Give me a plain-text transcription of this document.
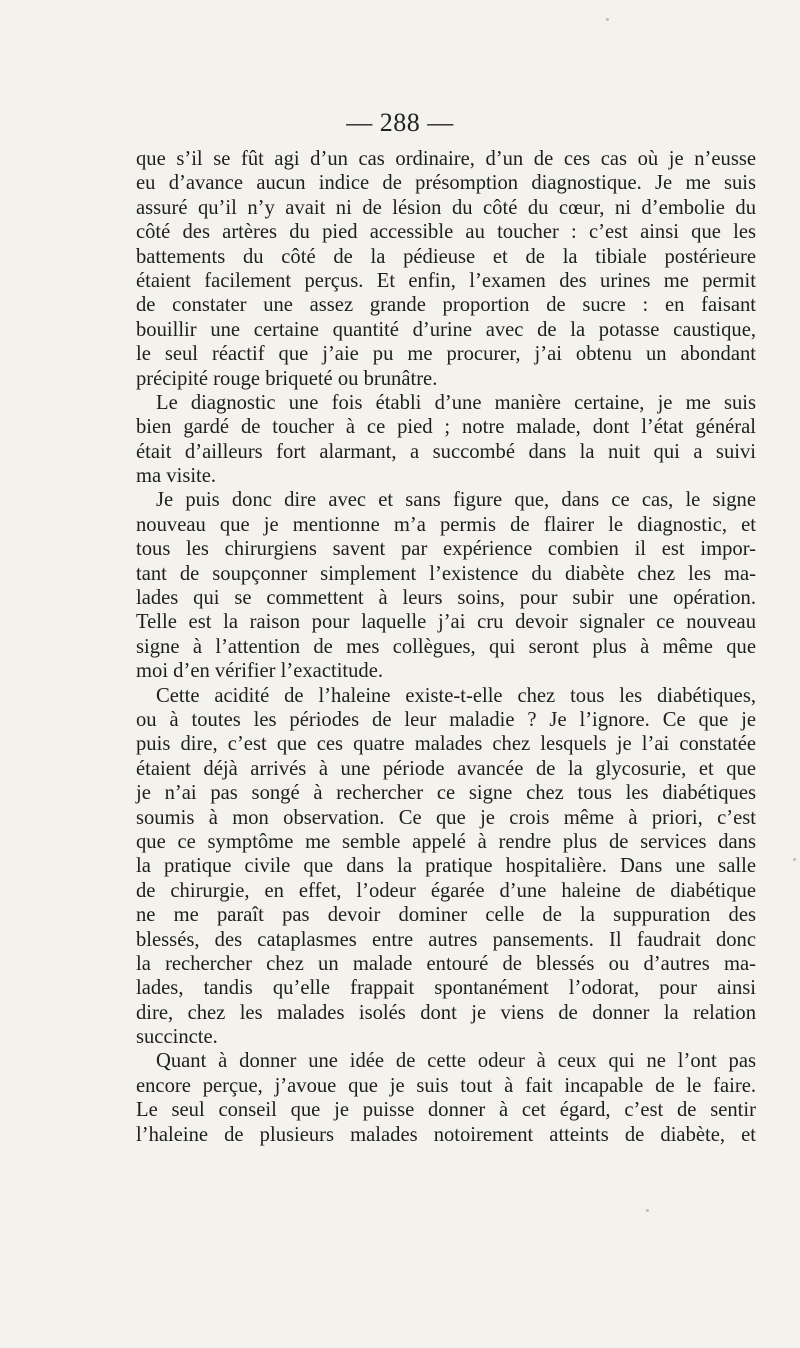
— 288 —
que s’il se fût agi d’un cas ordinaire, d’un de ces cas où je n’eusse
eu d’avance aucun indice de présomption diagnostique. Je me suis
assuré qu’il n’y avait ni de lésion du côté du cœur, ni d’embolie du
côté des artères du pied accessible au toucher : c’est ainsi que les
battements du côté de la pédieuse et de la tibiale postérieure
étaient facilement perçus. Et enfin, l’examen des urines me permit
de constater une assez grande proportion de sucre : en faisant
bouillir une certaine quantité d’urine avec de la potasse caustique,
le seul réactif que j’aie pu me procurer, j’ai obtenu un abondant
précipité rouge briqueté ou brunâtre.
Le diagnostic une fois établi d’une manière certaine, je me suis
bien gardé de toucher à ce pied ; notre malade, dont l’état général
était d’ailleurs fort alarmant, a succombé dans la nuit qui a suivi
ma visite.
Je puis donc dire avec et sans figure que, dans ce cas, le signe
nouveau que je mentionne m’a permis de flairer le diagnostic, et
tous les chirurgiens savent par expérience combien il est impor-
tant de soupçonner simplement l’existence du diabète chez les ma-
lades qui se commettent à leurs soins, pour subir une opération.
Telle est la raison pour laquelle j’ai cru devoir signaler ce nouveau
signe à l’attention de mes collègues, qui seront plus à même que
moi d’en vérifier l’exactitude.
Cette acidité de l’haleine existe-t-elle chez tous les diabétiques,
ou à toutes les périodes de leur maladie ? Je l’ignore. Ce que je
puis dire, c’est que ces quatre malades chez lesquels je l’ai constatée
étaient déjà arrivés à une période avancée de la glycosurie, et que
je n’ai pas songé à rechercher ce signe chez tous les diabétiques
soumis à mon observation. Ce que je crois même à priori, c’est
que ce symptôme me semble appelé à rendre plus de services dans
la pratique civile que dans la pratique hospitalière. Dans une salle
de chirurgie, en effet, l’odeur égarée d’une haleine de diabétique
ne me paraît pas devoir dominer celle de la suppuration des
blessés, des cataplasmes entre autres pansements. Il faudrait donc
la rechercher chez un malade entouré de blessés ou d’autres ma-
lades, tandis qu’elle frappait spontanément l’odorat, pour ainsi
dire, chez les malades isolés dont je viens de donner la relation
succincte.
Quant à donner une idée de cette odeur à ceux qui ne l’ont pas
encore perçue, j’avoue que je suis tout à fait incapable de le faire.
Le seul conseil que je puisse donner à cet égard, c’est de sentir
l’haleine de plusieurs malades notoirement atteints de diabète, et
